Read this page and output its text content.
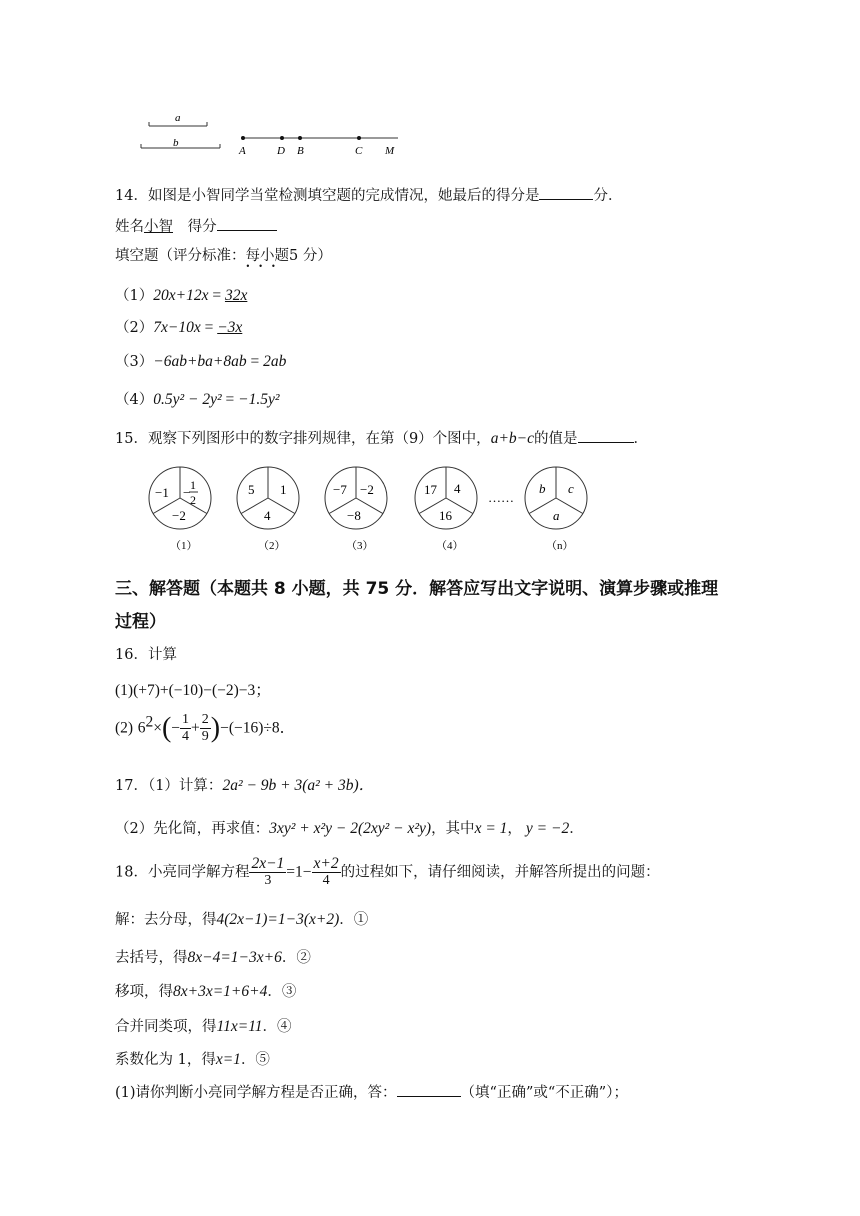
a
b
A	D B	C M
14．如图是小智同学当堂检测填空题的完成情况，她最后的得分是	分．
姓名小智 得分
填空题（评分标准：每小题
•••
5 分）
（1）20x+12x = 32x
（2）7x−10x = −3x
（3）−6ab+ba+8ab = 2ab
（4）0.5y² − 2y² = −1.5y²
15．观察下列图形中的数字排列规律，在第（9）个图中，a+b−c的值是	．
−1 − 1
2
−2
（1）
5 1
4
（2）
−7 −2
−8
（3）
17 4
16
（4）
……
b c
a
（n）
三、解答题（本题共 8 小题，共 75 分．解答应写出文字说明、演算步骤或推理
过程）
16．计算
(1)(+7)+(−10)−(−2)−3；
(2) $6^2\times(- \frac{1}{4} + \frac{2}{9} )-(-16)\div 8$．
17．（1）计算：2a² − 9b + 3(a² + 3b)．
（2）先化简，再求值：3xy² + x²y − 2(2xy² − x²y)，其中x = 1， y = −2．
18．小亮同学解方程 $\frac{2x-1}{3} =1- \frac{x+2}{4}$ 的过程如下，请仔细阅读，并解答所提出的问题：
解：去分母，得4(2x−1)=1−3(x+2)．①
去括号，得8x−4=1−3x+6．②
移项，得8x+3x=1+6+4．③
合并同类项，得11x=11．④
系数化为 1，得x=1．⑤
(1)请你判断小亮同学解方程是否正确，答：	（填“正确”或“不正确”）；
